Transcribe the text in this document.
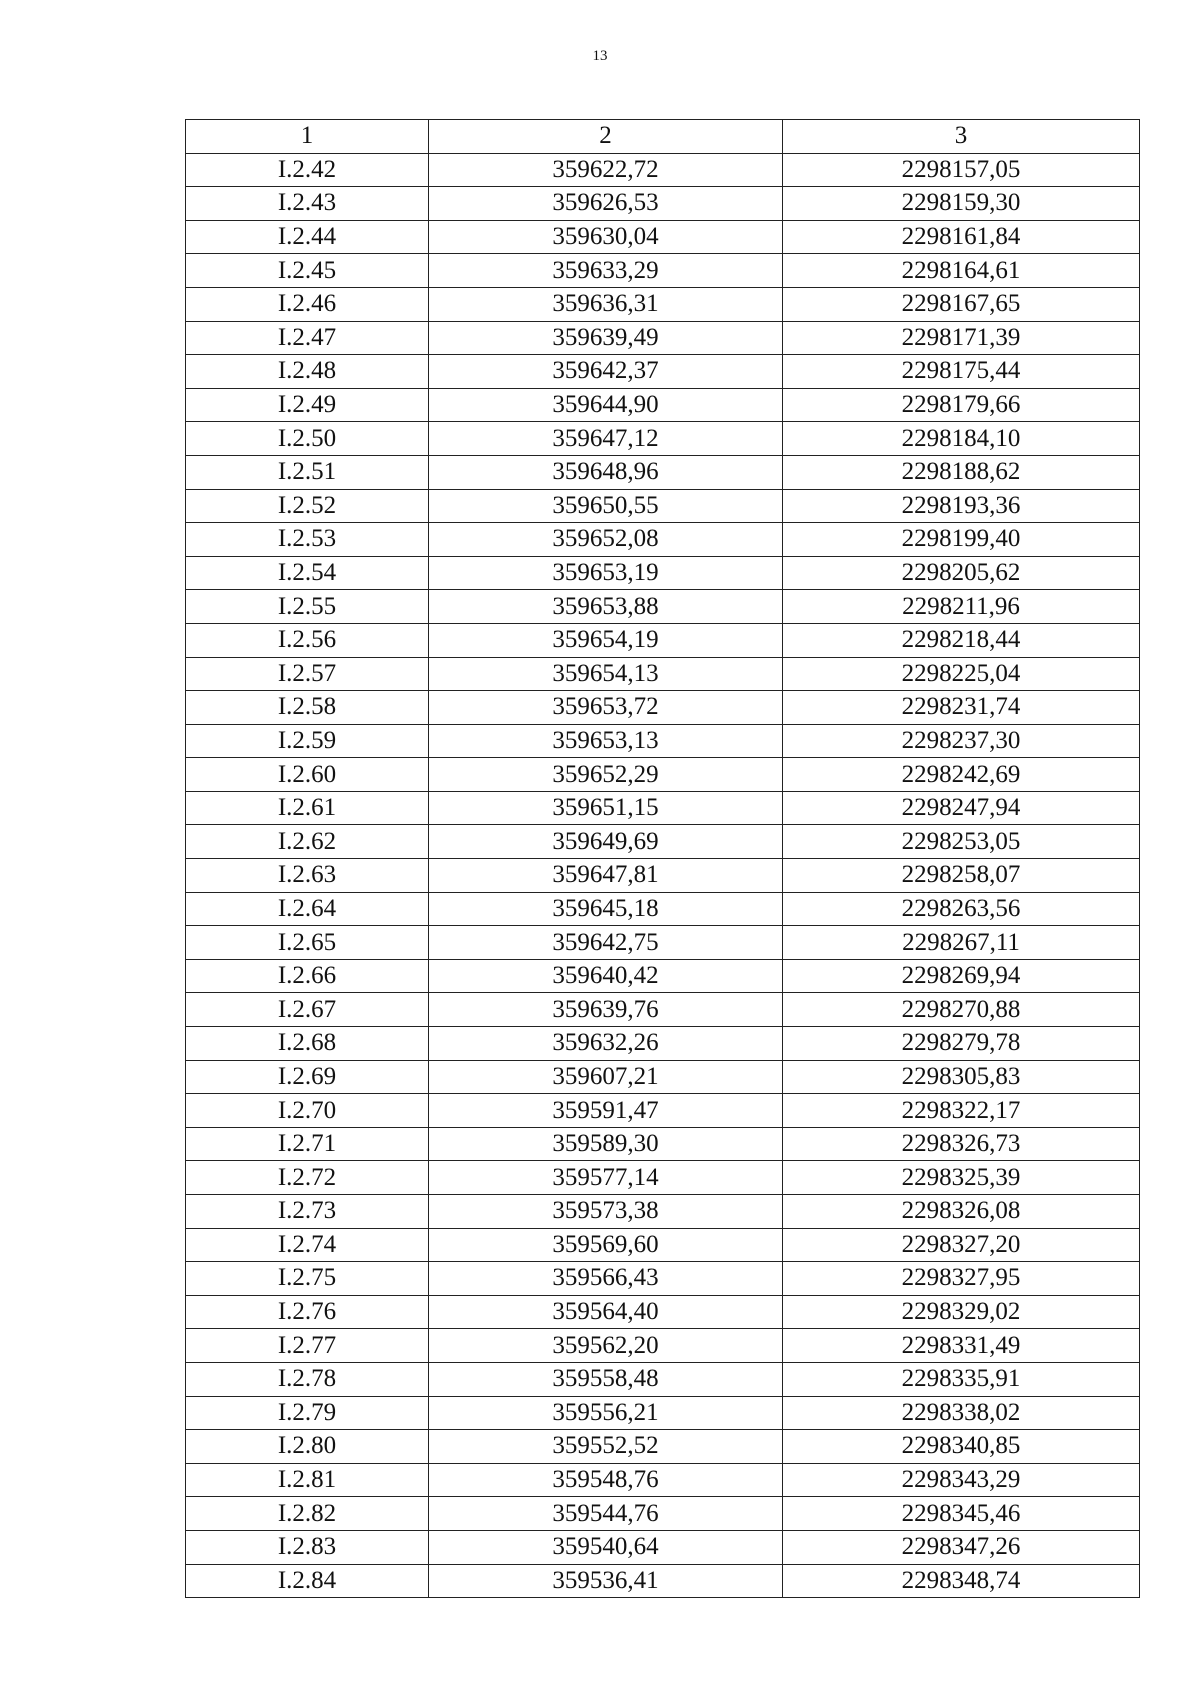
13
1	2	3
I.2.42	359622,72	2298157,05
I.2.43	359626,53	2298159,30
I.2.44	359630,04	2298161,84
I.2.45	359633,29	2298164,61
I.2.46	359636,31	2298167,65
I.2.47	359639,49	2298171,39
I.2.48	359642,37	2298175,44
I.2.49	359644,90	2298179,66
I.2.50	359647,12	2298184,10
I.2.51	359648,96	2298188,62
I.2.52	359650,55	2298193,36
I.2.53	359652,08	2298199,40
I.2.54	359653,19	2298205,62
I.2.55	359653,88	2298211,96
I.2.56	359654,19	2298218,44
I.2.57	359654,13	2298225,04
I.2.58	359653,72	2298231,74
I.2.59	359653,13	2298237,30
I.2.60	359652,29	2298242,69
I.2.61	359651,15	2298247,94
I.2.62	359649,69	2298253,05
I.2.63	359647,81	2298258,07
I.2.64	359645,18	2298263,56
I.2.65	359642,75	2298267,11
I.2.66	359640,42	2298269,94
I.2.67	359639,76	2298270,88
I.2.68	359632,26	2298279,78
I.2.69	359607,21	2298305,83
I.2.70	359591,47	2298322,17
I.2.71	359589,30	2298326,73
I.2.72	359577,14	2298325,39
I.2.73	359573,38	2298326,08
I.2.74	359569,60	2298327,20
I.2.75	359566,43	2298327,95
I.2.76	359564,40	2298329,02
I.2.77	359562,20	2298331,49
I.2.78	359558,48	2298335,91
I.2.79	359556,21	2298338,02
I.2.80	359552,52	2298340,85
I.2.81	359548,76	2298343,29
I.2.82	359544,76	2298345,46
I.2.83	359540,64	2298347,26
I.2.84	359536,41	2298348,74
